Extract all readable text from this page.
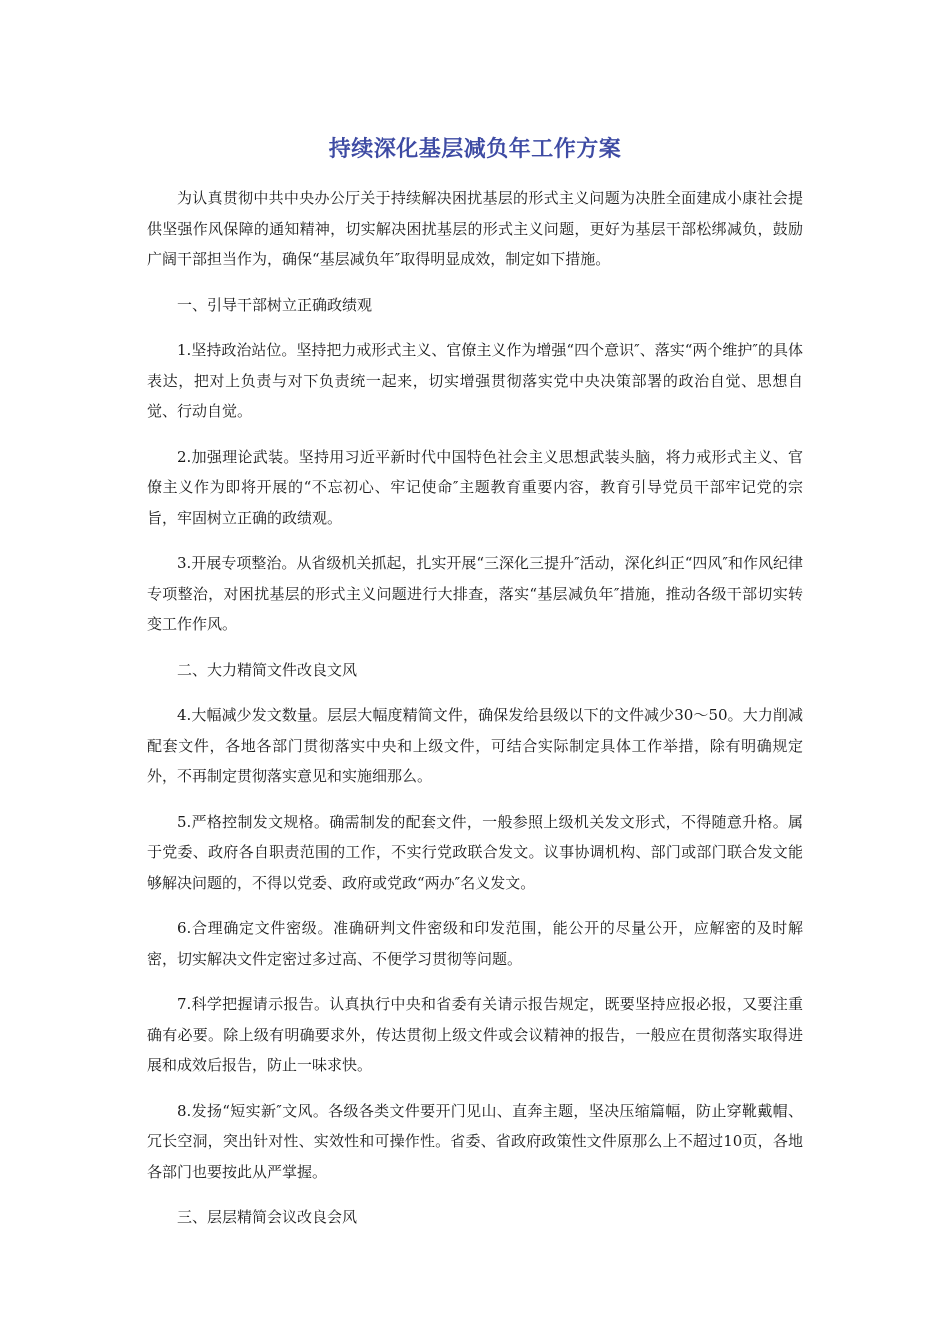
持续深化基层减负年工作方案

为认真贯彻中共中央办公厅关于持续解决困扰基层的形式主义问题为决胜全面建成小康社会提供坚强作风保障的通知精神，切实解决困扰基层的形式主义问题，更好为基层干部松绑减负，鼓励广阔干部担当作为，确保“基层减负年″取得明显成效，制定如下措施。

一、引导干部树立正确政绩观

1.坚持政治站位。坚持把力戒形式主义、官僚主义作为增强“四个意识″、落实“两个维护″的具体表达，把对上负责与对下负责统一起来，切实增强贯彻落实党中央决策部署的政治自觉、思想自觉、行动自觉。

2.加强理论武装。坚持用习近平新时代中国特色社会主义思想武装头脑，将力戒形式主义、官僚主义作为即将开展的“不忘初心、牢记使命″主题教育重要内容，教育引导党员干部牢记党的宗旨，牢固树立正确的政绩观。

3.开展专项整治。从省级机关抓起，扎实开展“三深化三提升″活动，深化纠正“四风″和作风纪律专项整治，对困扰基层的形式主义问题进行大排查，落实“基层减负年″措施，推动各级干部切实转变工作作风。

二、大力精简文件改良文风

4.大幅减少发文数量。层层大幅度精简文件，确保发给县级以下的文件减少30～50。大力削减配套文件，各地各部门贯彻落实中央和上级文件，可结合实际制定具体工作举措，除有明确规定外，不再制定贯彻落实意见和实施细那么。

5.严格控制发文规格。确需制发的配套文件，一般参照上级机关发文形式，不得随意升格。属于党委、政府各自职责范围的工作，不实行党政联合发文。议事协调机构、部门或部门联合发文能够解决问题的，不得以党委、政府或党政“两办″名义发文。

6.合理确定文件密级。准确研判文件密级和印发范围，能公开的尽量公开，应解密的及时解密，切实解决文件定密过多过高、不便学习贯彻等问题。

7.科学把握请示报告。认真执行中央和省委有关请示报告规定，既要坚持应报必报，又要注重确有必要。除上级有明确要求外，传达贯彻上级文件或会议精神的报告，一般应在贯彻落实取得进展和成效后报告，防止一味求快。

8.发扬“短实新″文风。各级各类文件要开门见山、直奔主题，坚决压缩篇幅，防止穿靴戴帽、冗长空洞，突出针对性、实效性和可操作性。省委、省政府政策性文件原那么上不超过10页，各地各部门也要按此从严掌握。

三、层层精简会议改良会风
